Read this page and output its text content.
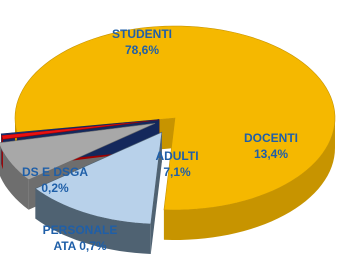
STUDENTI 78,6%
DOCENTI 13,4%
ADULTI 7,1%
PERSONALE ATA 0,7%
DS E DSGA 0,2%
